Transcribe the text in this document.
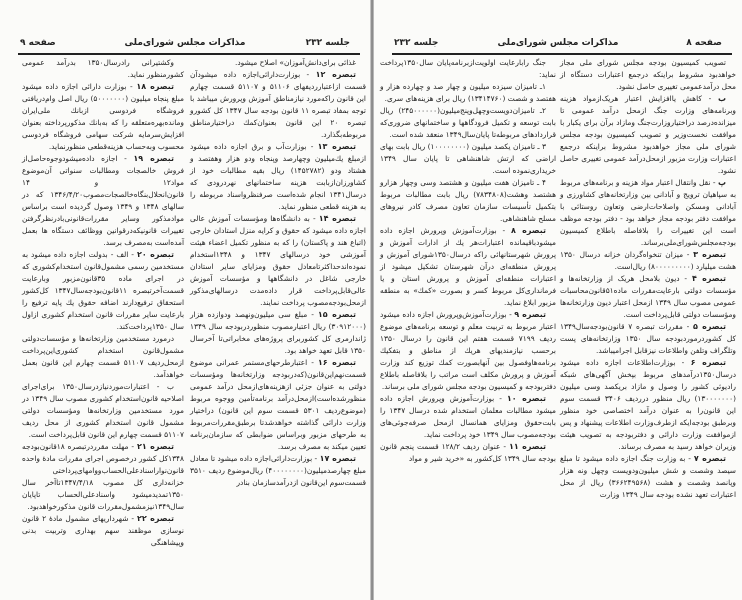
جلسه ۲۳۲
مذاکرات مجلس شورای‌ملی
صفحه ۹

غذائی برای‌دانش‌آموزان» اصلاح میشود.

تبصره ۱۲ - بوزارت‌دارائی‌اجازه داده میشودآن قسمت ازاعتبارردیفهای ۵۱۱۰۶ و ۵۱۱۰۷ قسمت چهارم این قانون راکه‌مورد نیازمناطق آموزش وپرورش میباشد با توجه بمفاد تبصره ۱۱ قانون بودجه سال ۱۳۴۷ کل کشورو تبصره ۲۰ این قانون بعنوان‌کمك دراختیارمناطق مربوطه‌بگذارد.

تبصره ۱۳ - بوزارت‌آب و برق اجازه داده میشود ازمبلغ یك‌میلیون وچهارصد وپنجاه ودو هزار وهفتصد و هشتاد ودو (۱۴۵۲۷۸۲) ریال بقیه مطالبات خود از کشاورزان‌ازبابت هزینه ساختمانهای نهردرودی که درسال۱۳۴۱ انجام شده‌است صرفنظرواسناد مربوطه را به هزینه قطعی منظور نماید.

تبصره ۱۴ - به دانشگاه‌ها ومؤسسات آموزش عالی اجازه داده میشود که حقوق و کرایه منزل استادان خارجی (اتباع هند و پاکستان) را که به منظور تکمیل اعضاء هیئت آموزشی خود درسالهای ۱۳۴۷ و ۱۳۴۸استخدام نموده‌اندحداکثر‌تامعادل حقوق ومزایای سایر استادان خارجی شاغل در دانشگاهها و مؤسسات آموزش عالی‌قابل‌پرداخت قرار داده‌مدت درسالهای‌مذکور ازمحل‌بودجه‌مصوب پرداخت نمایند.

تبصره ۱۵ - مبلغ سی میلیون‌ونهصد ودوازده هزار (۳۰۹۱۲۰۰۰) ریال اعتبارمصوب منظوردربودجه سال ۱۳۴۹ ژاندارمری کل کشوربرای پروژه‌های مخابراتی‌تا آخرسال ۱۳۵۰ قابل تعهد خواهد بود.

تبصره ۱۶ - اعتبارطرحهای‌مستمر عمرانی موضوع قسمت‌نهم‌این‌قانون(که‌دربودجه وزارتخانه‌ها ومؤسسات دولتی به عنوان جزئی ازهزینه‌های‌ازمحل درآمد عمومی منظورشده‌است)ازمحل‌درآمد برنامه‌تأمین ووجوه مربوط (موضوع‌ردیف ۵۳۰۱ قسمت سوم این قانون) دراختیار وزارت دارائی گذاشته خواهدشدتا برطبق‌مقررات‌مربوط به طرحهای مزبور وبراساس ضوابطی که سازمان‌برنامه تعیین میکند به مصرف برسد.

تبصره ۱۷ - بوزارت‌دارائی‌اجازه داده میشود تا معادل مبلغ چهارصدمیلیون(۴۰۰۰۰۰۰۰۰) ریال‌موضوع ردیف ۳۵۱۰ قسمت‌سوم این‌قانون ازدرآمدسازمان بنادر

وکشتیرانی رادرسال۱۳۵۰ بدرآمد عمومی کشورمنظور نماید.

تبصره ۱۸ - بوزارت دارائی اجازه داده میشود مبلغ پنجاه میلیون (۵۰۰۰۰۰۰۰) ریال اصل وام‌دریافتی فروشگاه فردوسی ازبانك ملی‌ایران ومانده‌بهره‌متعلقه را که به‌بانك مذکورپرداخته بعنوان افزایش‌سرمایه شرکت سهامی فروشگاه فردوسی محسوب وبه‌حساب هزینه‌قطعی منظورنماید.

تبصره ۱۹ - اجازه داده‌میشودوجوه‌حاصل‌از فروش خالصجات ومطالبات سنواتی آن‌موضوع مواد۱۲ و ۱۴ قانون‌انحلال‌بنگاه‌خالصجات‌مصوب۱۳۴۶/۴/۲۰ که در سالهای ۱۳۴۸ و ۱۳۴۹ وصول گردیده است براساس موادمذکور وسایر مقررات‌قانونی‌بادرنظرگرفتن تغییرات قانونیکه‌درقوانین ووظائف دستگاه ها بعمل آمده‌است به‌مصرف برسد.

تبصره ۲۰ - الف - بدولت اجازه داده میشود به مستخدمین رسمی مشمول‌قانون استخدام‌کشوری که در اجرای ماده ۳۵قانون‌مزبور وبارعایت قسمت‌آخرتبصره ۱۱قانون‌بودجه‌سال۱۳۴۷ کل‌کشور استحقاق ترفیع‌دارند اضافه حقوق یك پایه ترفیع را بارعایت سایر مقررات قانون استخدام کشوری ازاول سال ۱۳۵۰پرداخت‌کند.

درمورد مستخدمین وزارتخانه‌ها و مؤسسات‌دولتی مشمول‌قانون استخدام کشوری‌این‌پرداخت ازمحل‌ردیف ۵۱۱۰۷ قسمت چهارم این قانون بعمل خواهدآمد.

ب - اعتبارات‌موردنیازدرسال۱۳۵۰ برای‌اجرای اصلاحیه قانون‌استخدام کشوری مصوب سال ۱۳۴۹ در مورد مستخدمین وزارتخانه‌ها ومؤسسات دولتی مشمول قانون استخدام کشوری از محل ردیف ۵۱۱۰۷ قسمت چهارم این قانون قابل‌پرداخت است.

تبصره ۲۱ - مهلت مقرردرتبصره ۱۸قانون‌بودجه ۱۳۴۸کل کشور درخصوص اجرای مقررات مادهٔ واحده قانون‌نواراسنادعلی‌الحساب‌ووامهای‌پرداختی خزانه‌داری کل مصوب ۱۳۴۷/۴/۱۸تاآخر سال ۱۳۵۰تمدیدمیشود واسنادعلی‌الحساب تاپایان سال۱۳۴۹نیزمشمول‌مقررات قانون مذکورخواهدبود.

تبصره ۲۲ - شهرداریهای مشمول مادهٔ ۲ قانون نوسازی موظفند سهم بهداری وتربیت بدنی وپیشاهنگی

صفحه ۸
مذاکرات مجلس شورای‌ملی
جلسه ۲۳۲

تصویب کمیسیون بودجه مجلس شورای ملی مجاز خواهدبود مشروط براینکه درجمع اعتبارات دستگاه از محل درآمدعمومی تغییری حاصل نشود.

ب - کاهش یاافزایش اعتبار هریک‌ازمواد هزینه وبرنامه‌های وزارت جنگ ازمحل درآمد عمومی تا میزانده‌درصد دراختیاروزارت‌جنگ ومازاد برآن برای یکبار با موافقت نخست‌وزیر و تصویب کمیسیون بودجه مجلس شورای ملی مجاز خواهدبود مشروط براینکه درجمع اعتبارات وزارت مزبور ازمحل‌درآمد عمومی تغییری حاصل نشود.

پ - نقل وانتقال اعتبار مواد هزینه و برنامه‌های مربوط به سپاهیان ترویج و آبادانی بین وزارتخانه‌های کشاورزی و آبادانی ومسکن واصلاحات‌ارضی وتعاون روستائی با موافقت دفتر بودجه مجاز خواهد بود - دفتر بودجه موظف است این تغییرات را بلافاصله باطلاع کمیسیون بودجه‌مجلس‌شورای‌ملی‌برساند.

تبصره ۳ - میزان تنخواه‌گردان خزانه درسال ۱۳۵۰ هشت میلیارد (۸۰۰۰۰۰۰۰۰۰) ریال‌است.

تبصره ۴ - دیون بلامحل هریک از وزارتخانه‌ها و مؤسسات دولتی بارعایت‌مقررات ماده۵۱قانون‌محاسبات عمومی مصوب سال ۱۳۴۹ ازمحل اعتبار دیون وزارتخانه‌ها ومؤسسات دولتی قابل‌پرداخت است.

تبصره ۵ - مقررات تبصره ۷ قانون‌بودجه‌سال۱۳۴۹ کل کشوردرموردبودجه سال ۱۳۵۰ وزارتخانه‌های پست وتلگراف وتلفن واطلاعات نیزقابل اجرامیباشد.

تبصره ۶ - بوزارت‌اطلاعات اجازه داده میشود درسال۱۳۵۰درآمدهای مربوط بپخش آگهی‌های شبکه رادیوئی کشور را وصول و مازاد بریکصد وسی میلیون (۱۳۰۰۰۰۰۰۰) ریال منظور درردیف ۳۴۰۶ قسمت سوم این قانون‌را به عنوان درآمد اختصاصی خود منظور وبرطبق بودجه‌ایکه ازطرف‌وزارت اطلاعات پیشنهاد و پس ازموافقت وزارت دارائی و دفتربودجه به تصویب هیئت وزیران خواهد رسید به مصرف برساند.

تبصره ۷ - به وزارت جنگ اجازه داده میشود تا مبلغ سیصد وشصت و شش میلیون‌ودویست وچهل ونه هزار وپانصد وشصت و هشت (۳۶۶۲۴۹۵۶۸) ریال از محل اعتبارات تعهد نشده بودجه سال ۱۳۴۹ وزارت

جنگ رابارعایت اولویت‌ازبرنامه‌پایان سال۱۳۵۰پرداخت نماید:

۱ـ تامیزان سیزده میلیون و چهار صد و چهارده هزار و هفتصد و شصت (۱۳۴۱۴۷۶۰) ریال برای هزینه‌های سری.

۲ـ تامیزان‌دویست‌وچهل‌وپنج‌میلیون(۲۴۵۰۰۰۰۰۰) ریال بابت توسعه و تکمیل فرودگاهها و ساختمانهای ضروری‌که قراردادهای مربوطه‌تا پایان‌سال۱۳۴۹ منعقد شده است.

۳ ـ تامیزان یکصد میلیون (۱۰۰۰۰۰۰۰۰) ریال بابت بهای اراضی که ارتش شاهنشاهی تا پایان سال ۱۳۴۹ خریداری‌نموده است.

۴ ـ تامیزان هفت میلیون و هشتصد وسی وچهار هزارو هشتصد وهشت(۷۸۳۴۸۰۸) ریال بابت مطالبات مربوط بتکمیل تأسیسات سازمان تعاون مصرف کادر نیروهای مسلح شاهنشاهی.

تبصره ۸ - بوزارت‌آموزش وپرورش اجازه داده میشودباقیمانده اعتبارات‌هر یك از ادارات آموزش و پرورش شهرستانهائی راکه درسال۱۳۵۰شورای آموزش و پرورش منطقه‌ای درآن شهرستان تشکیل میشود از اعتبارات منطقه‌ای آموزش و پرورش استان و یا فرمانداری‌کل مربوط کسر و بصورت «کمك» به منطقه مزبور ابلاغ نماید.

تبصره ۹ - بوزارت‌آموزش‌وپرورش اجازه داده میشود اعتبار مربوط به تربیت معلم و توسعه برنامه‌های موضوع ردیف ۷۱۹۹ قسمت هفتم این قانون را درسال ۱۳۵۰ برحسب نیازمندیهای هریك از مناطق و بتفکیك برنامه‌هاوفصول بین آنهابصورت کمك توزیع کند وزارت آموزش و پرورش مکلف است مراتب را بلافاصله باطلاع دفتربودجه و کمیسیون بودجه مجلس شورای ملی برساند.

تبصره ۱۰ - بوزارت‌آموزش وپرورش اجازه داده میشود مطالبات معلمان استخدام شده درسال ۱۳۴۷ را بابت‌حقوق ومزایای همانسال ازمحل صرفه‌جوئی‌های بودجه‌مصوب سال ۱۳۴۹ خود پرداخت نماید.

تبصره ۱۱ - عنوان ردیف ۱۲۸/۲ قسمت پنجم قانون بودجه سال ۱۳۴۹ کل‌کشور به «خرید شیر و مواد
